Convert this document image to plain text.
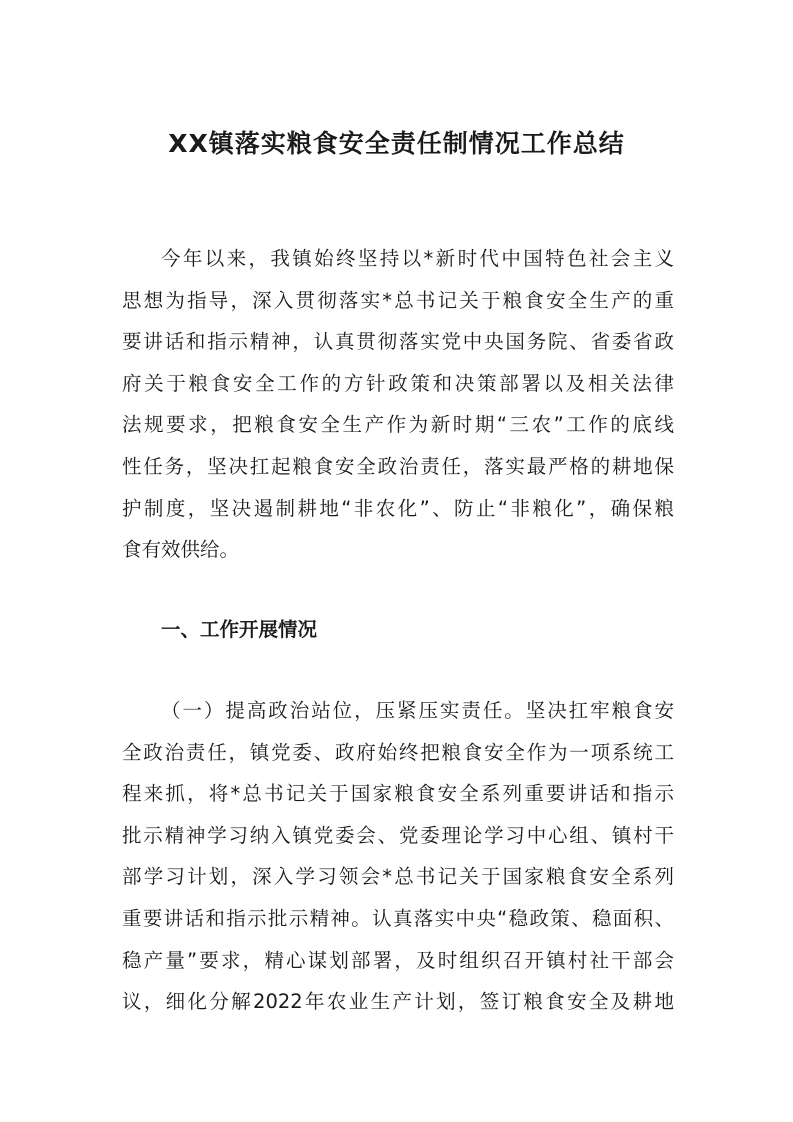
XX镇落实粮食安全责任制情况工作总结
今年以来，我镇始终坚持以*新时代中国特色社会主义
思想为指导，深入贯彻落实*总书记关于粮食安全生产的重
要讲话和指示精神，认真贯彻落实党中央国务院、省委省政
府关于粮食安全工作的方针政策和决策部署以及相关法律
法规要求，把粮食安全生产作为新时期“三农”工作的底线
性任务，坚决扛起粮食安全政治责任，落实最严格的耕地保
护制度，坚决遏制耕地“非农化”、防止“非粮化”，确保粮
食有效供给。
一、工作开展情况
（一）提高政治站位，压紧压实责任。坚决扛牢粮食安
全政治责任，镇党委、政府始终把粮食安全作为一项系统工
程来抓，将*总书记关于国家粮食安全系列重要讲话和指示
批示精神学习纳入镇党委会、党委理论学习中心组、镇村干
部学习计划，深入学习领会*总书记关于国家粮食安全系列
重要讲话和指示批示精神。认真落实中央“稳政策、稳面积、
稳产量”要求，精心谋划部署，及时组织召开镇村社干部会
议，细化分解2022年农业生产计划，签订粮食安全及耕地
